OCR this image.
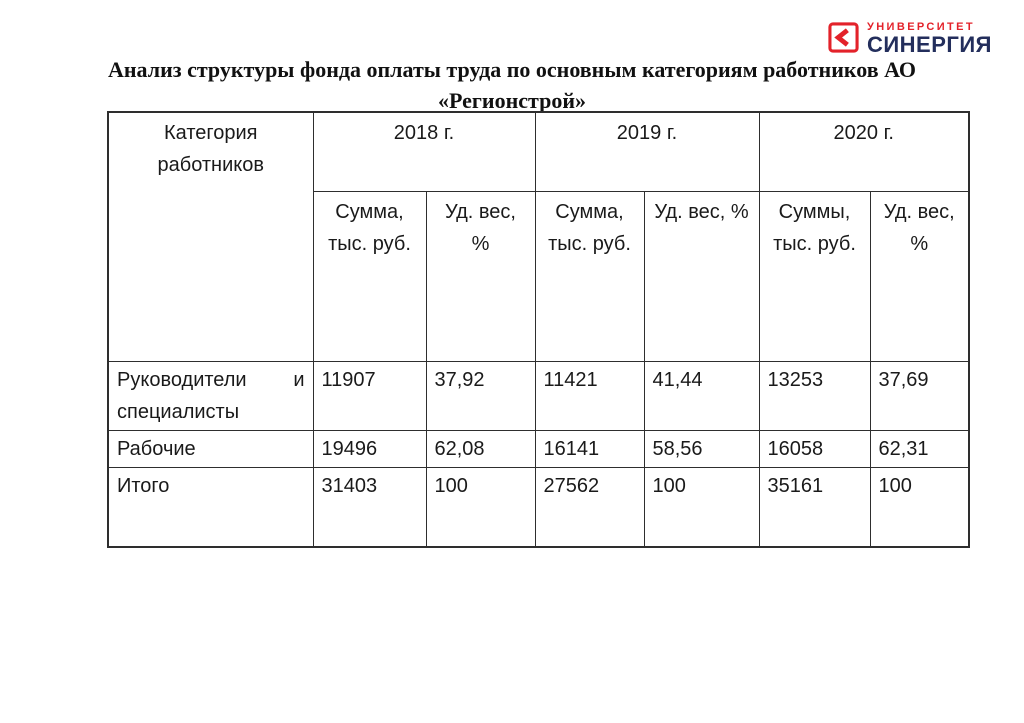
УНИВЕРСИТЕТ
СИНЕРГИЯ
Анализ структуры фонда оплаты труда по основным категориям работников АО «Регионстрой»
Категория работников	2018 г.		2019 г.		2020 г.	
	Сумма, тыс. руб.	Уд. вес, %	Сумма, тыс. руб.	Уд. вес, %	Суммы, тыс. руб.	Уд. вес, %

Руководители и специалисты	11907	37,92	11421	41,44	13253	37,69
Рабочие	19496	62,08	16141	58,56	16058	62,31
Итого	31403	100	27562	100	35161	100
